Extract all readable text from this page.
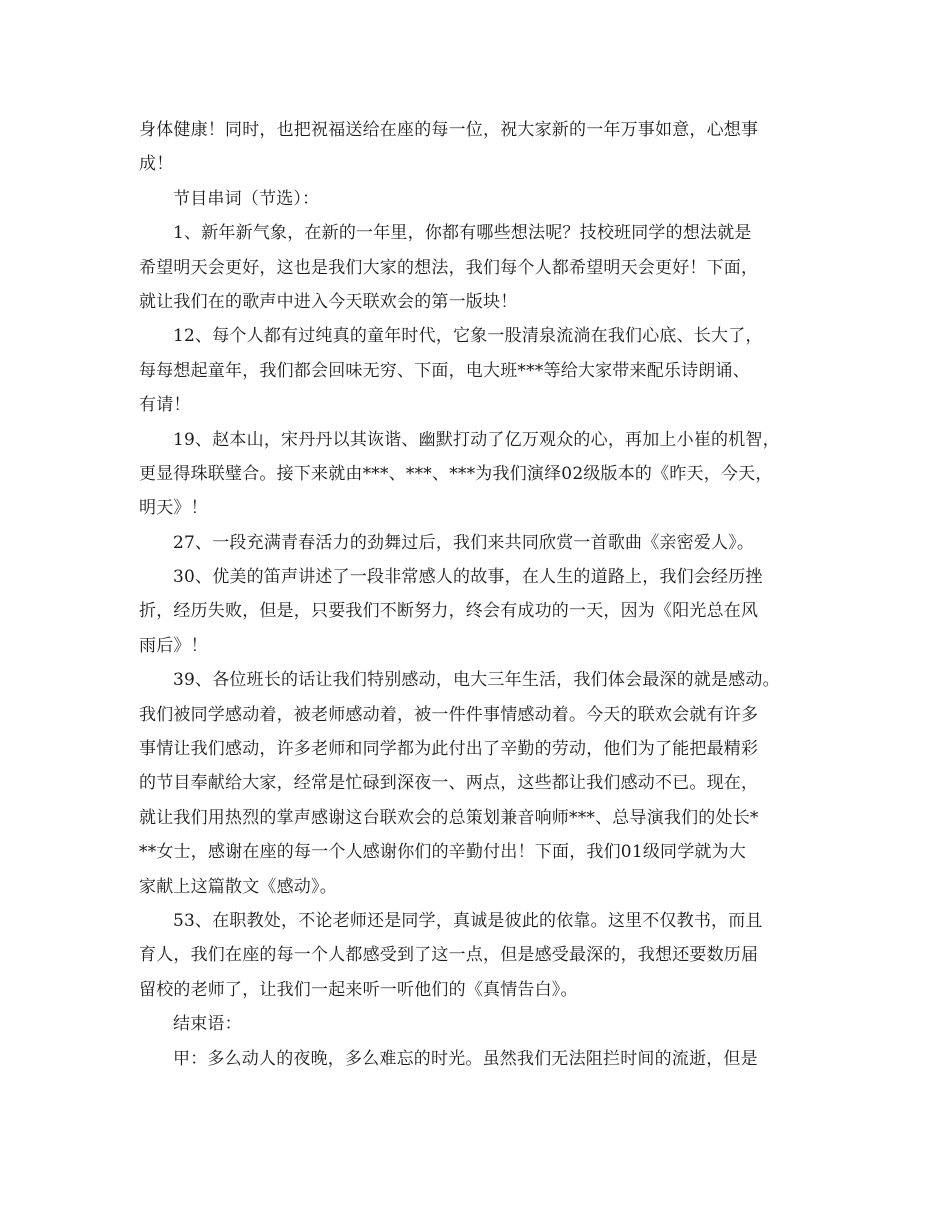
身体健康！同时，也把祝福送给在座的每一位，祝大家新的一年万事如意，心想事
成！
节目串词（节选）：
1、新年新气象，在新的一年里，你都有哪些想法呢？技校班同学的想法就是
希望明天会更好，这也是我们大家的想法，我们每个人都希望明天会更好！下面，
就让我们在的歌声中进入今天联欢会的第一版块！
12、每个人都有过纯真的童年时代，它象一股清泉流淌在我们心底、长大了，
每每想起童年，我们都会回味无穷、下面，电大班***等给大家带来配乐诗朗诵、
有请！
19、赵本山，宋丹丹以其诙谐、幽默打动了亿万观众的心，再加上小崔的机智，
更显得珠联璧合。接下来就由***、***、***为我们演绎02级版本的《昨天，今天，
明天》！
27、一段充满青春活力的劲舞过后，我们来共同欣赏一首歌曲《亲密爱人》。
30、优美的笛声讲述了一段非常感人的故事，在人生的道路上，我们会经历挫
折，经历失败，但是，只要我们不断努力，终会有成功的一天，因为《阳光总在风
雨后》！
39、各位班长的话让我们特别感动，电大三年生活，我们体会最深的就是感动。
我们被同学感动着，被老师感动着，被一件件事情感动着。今天的联欢会就有许多
事情让我们感动，许多老师和同学都为此付出了辛勤的劳动，他们为了能把最精彩
的节目奉献给大家，经常是忙碌到深夜一、两点，这些都让我们感动不已。现在，
就让我们用热烈的掌声感谢这台联欢会的总策划兼音响师***、总导演我们的处长*
**女士，感谢在座的每一个人感谢你们的辛勤付出！下面，我们01级同学就为大
家献上这篇散文《感动》。
53、在职教处，不论老师还是同学，真诚是彼此的依靠。这里不仅教书，而且
育人，我们在座的每一个人都感受到了这一点，但是感受最深的，我想还要数历届
留校的老师了，让我们一起来听一听他们的《真情告白》。
结束语：
甲：多么动人的夜晚，多么难忘的时光。虽然我们无法阻拦时间的流逝，但是
